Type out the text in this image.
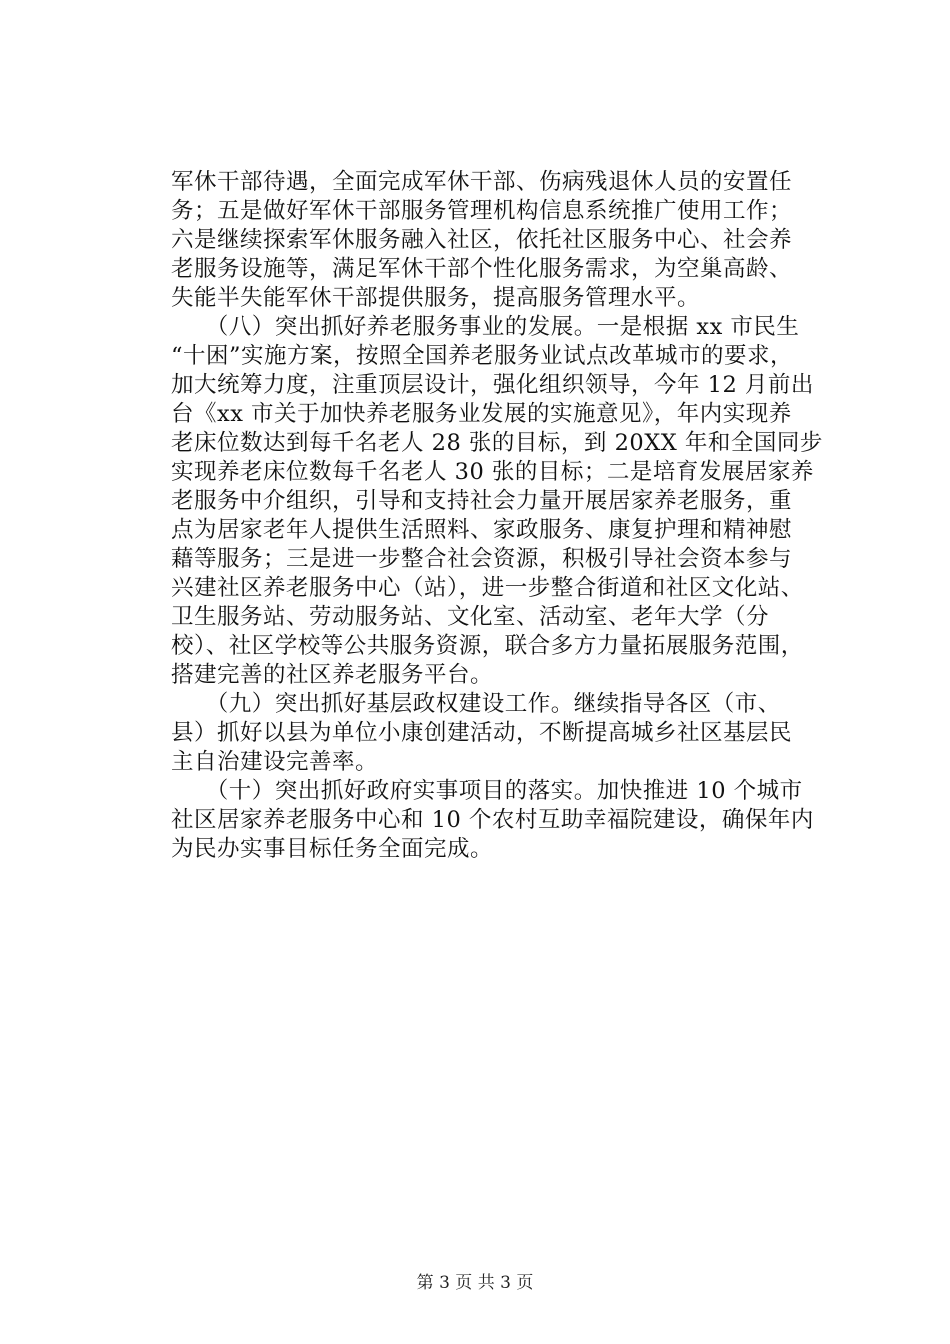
军休干部待遇，全面完成军休干部、伤病残退休人员的安置任
务；五是做好军休干部服务管理机构信息系统推广使用工作；
六是继续探索军休服务融入社区，依托社区服务中心、社会养
老服务设施等，满足军休干部个性化服务需求，为空巢高龄、
失能半失能军休干部提供服务，提高服务管理水平。
　　（八）突出抓好养老服务事业的发展。一是根据 xx 市民生
“十困”实施方案，按照全国养老服务业试点改革城市的要求，
加大统筹力度，注重顶层设计，强化组织领导，今年 12 月前出
台《xx 市关于加快养老服务业发展的实施意见》，年内实现养
老床位数达到每千名老人 28 张的目标，到 20XX 年和全国同步
实现养老床位数每千名老人 30 张的目标；二是培育发展居家养
老服务中介组织，引导和支持社会力量开展居家养老服务，重
点为居家老年人提供生活照料、家政服务、康复护理和精神慰
藉等服务；三是进一步整合社会资源，积极引导社会资本参与
兴建社区养老服务中心（站），进一步整合街道和社区文化站、
卫生服务站、劳动服务站、文化室、活动室、老年大学（分
校）、社区学校等公共服务资源，联合多方力量拓展服务范围，
搭建完善的社区养老服务平台。
　　（九）突出抓好基层政权建设工作。继续指导各区（市、
县）抓好以县为单位小康创建活动，不断提高城乡社区基层民
主自治建设完善率。
　　（十）突出抓好政府实事项目的落实。加快推进 10 个城市
社区居家养老服务中心和 10 个农村互助幸福院建设，确保年内
为民办实事目标任务全面完成。
第 3 页 共 3 页
